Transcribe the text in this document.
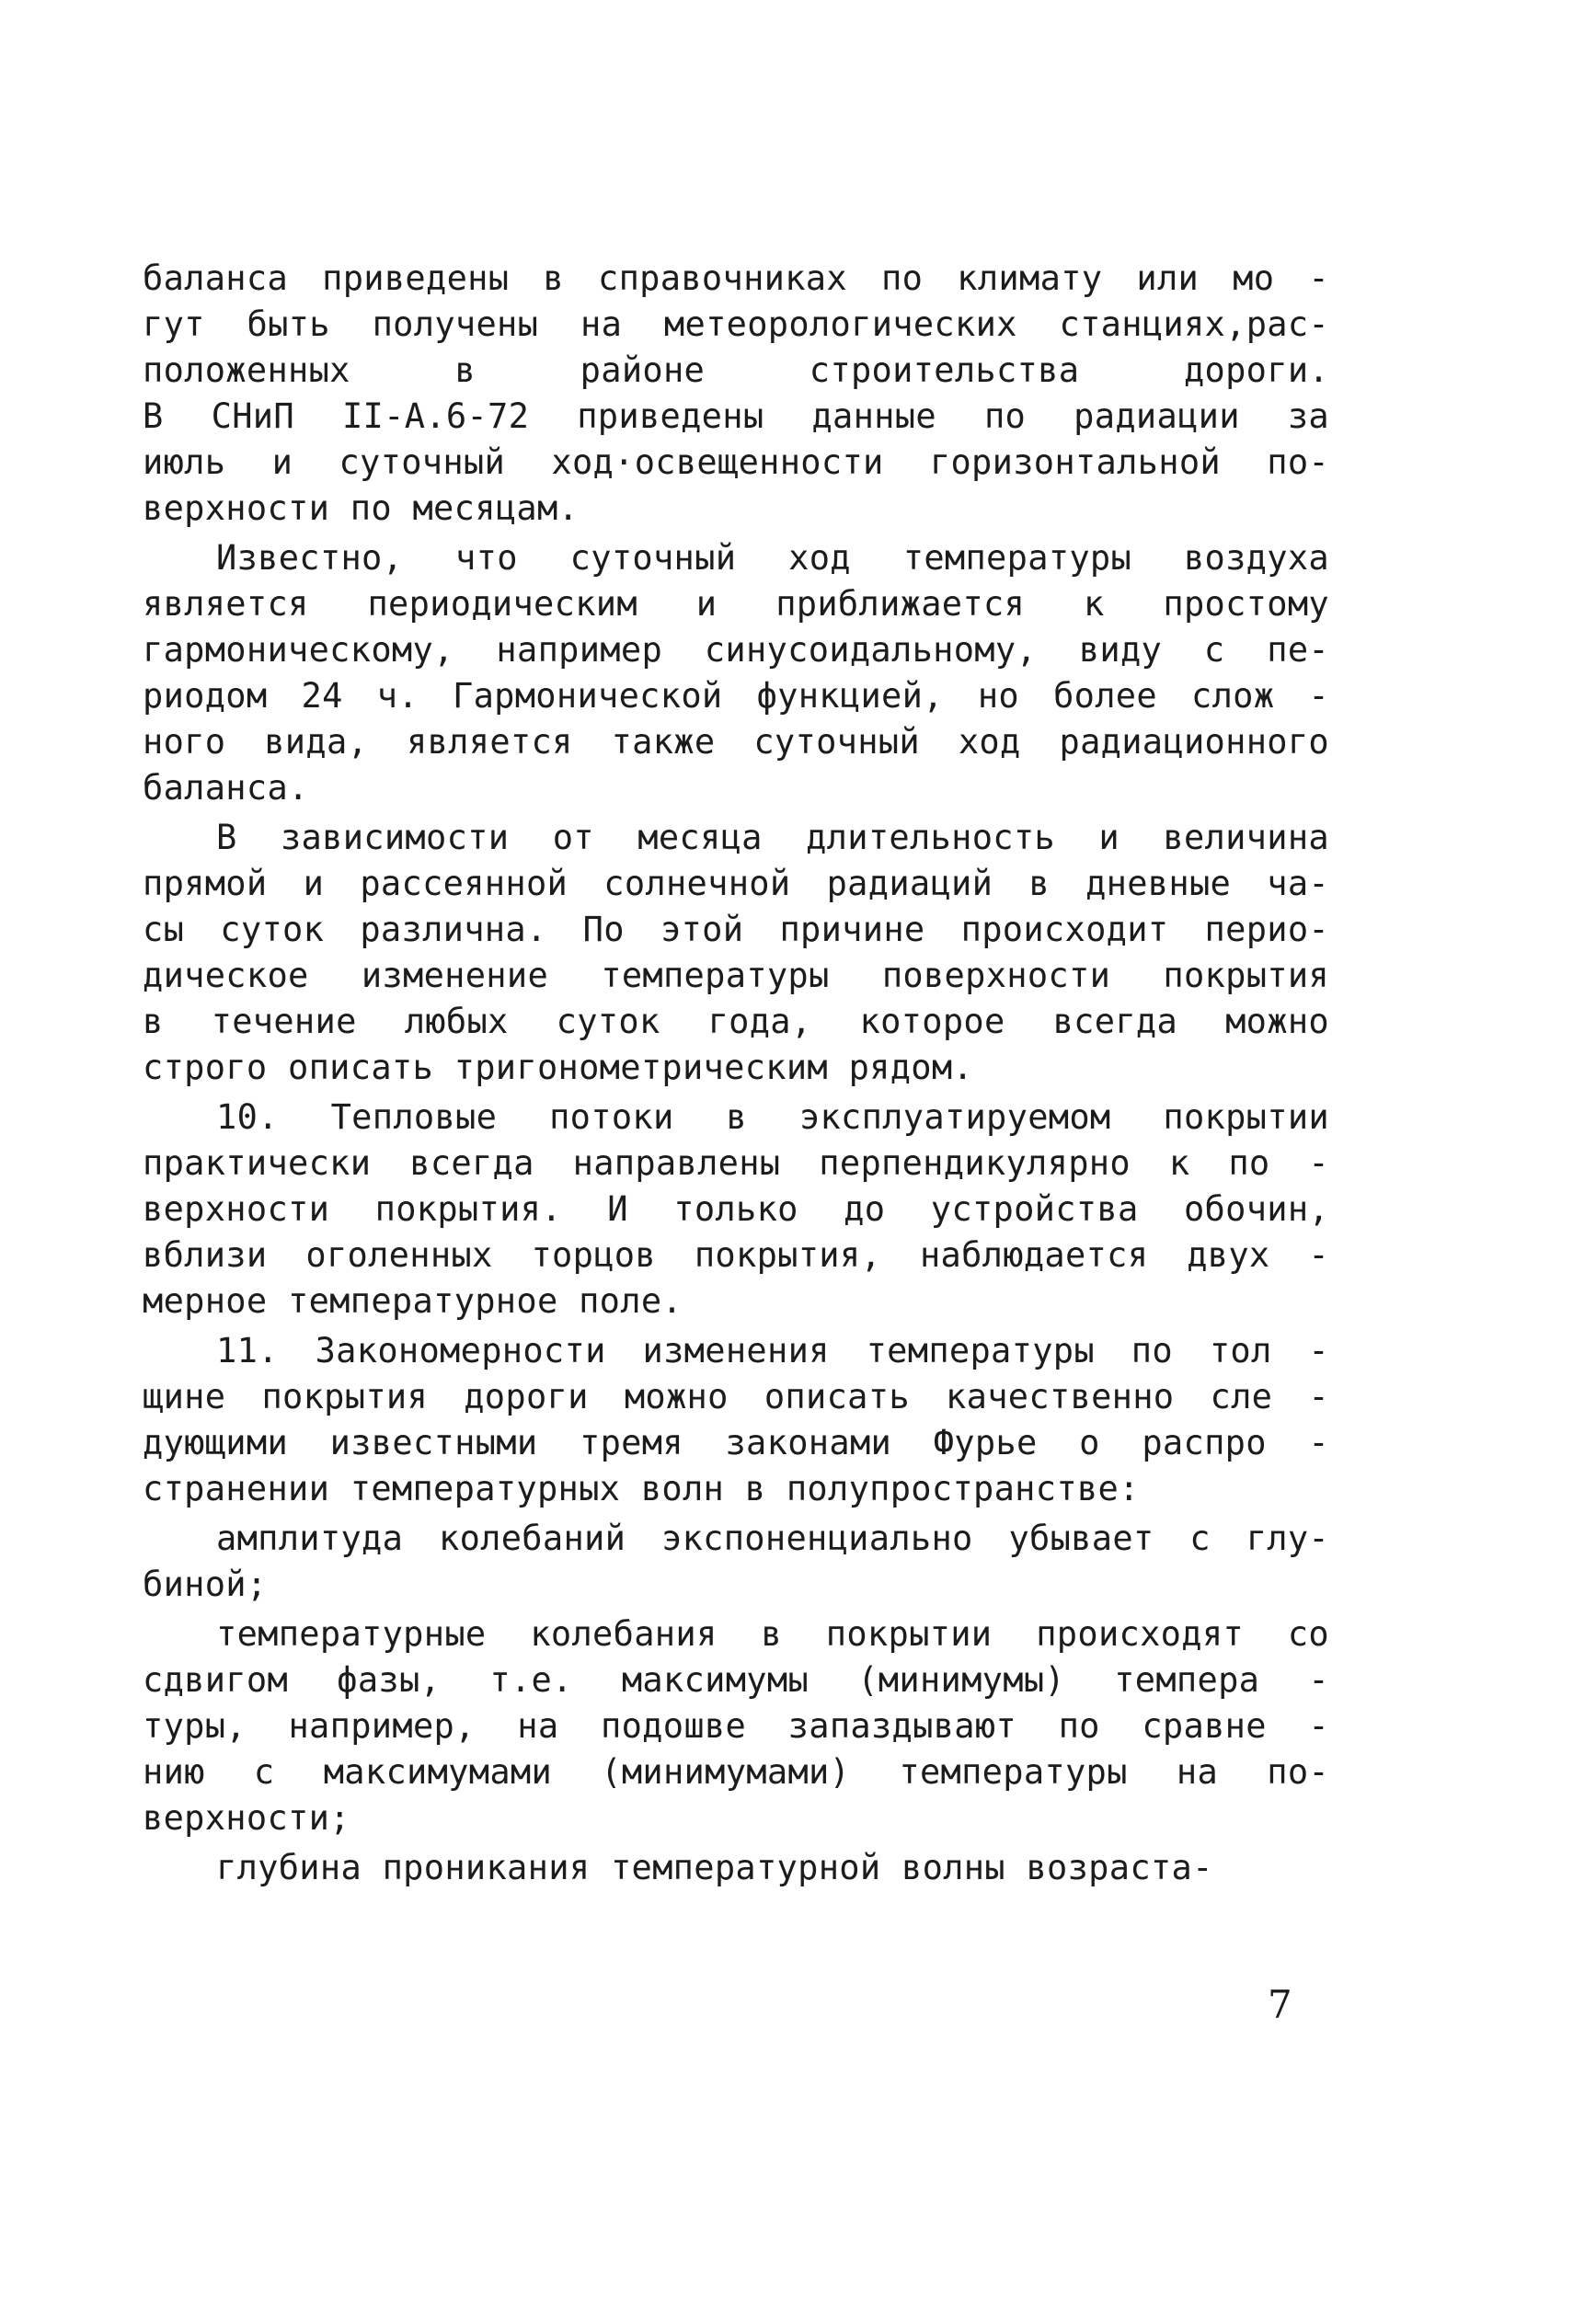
баланса приведены в справочниках по климату или мо -
гут быть получены на метеорологических станциях,рас-
положенных в районе строительства дороги.
В СНиП II-А.6-72 приведены данные по радиации за
июль и суточный ход·освещенности горизонтальной по-
верхности по месяцам.
Известно, что суточный ход температуры воздуха
является периодическим и приближается к простому
гармоническому, например синусоидальному, виду с пе-
риодом 24 ч. Гармонической функцией, но более слож -
ного вида, является также суточный ход радиационного
баланса.
В зависимости от месяца длительность и величина
прямой и рассеянной солнечной радиаций в дневные ча-
сы суток различна. По этой причине происходит перио-
дическое изменение температуры поверхности покрытия
в течение любых суток года, которое всегда можно
строго описать тригонометрическим рядом.
10. Тепловые потоки в эксплуатируемом покрытии
практически всегда направлены перпендикулярно к по -
верхности покрытия. И только до устройства обочин,
вблизи оголенных торцов покрытия, наблюдается двух -
мерное температурное поле.
11. Закономерности изменения температуры по тол -
щине покрытия дороги можно описать качественно сле -
дующими известными тремя законами Фурье о распро -
странении температурных волн в полупространстве:
амплитуда колебаний экспоненциально убывает с глу-
биной;
температурные колебания в покрытии происходят со
сдвигом фазы, т.е. максимумы (минимумы) темпера -
туры, например, на подошве запаздывают по сравне -
нию с максимумами (минимумами) температуры на по-
верхности;
глубина проникания температурной волны возраста-
7
